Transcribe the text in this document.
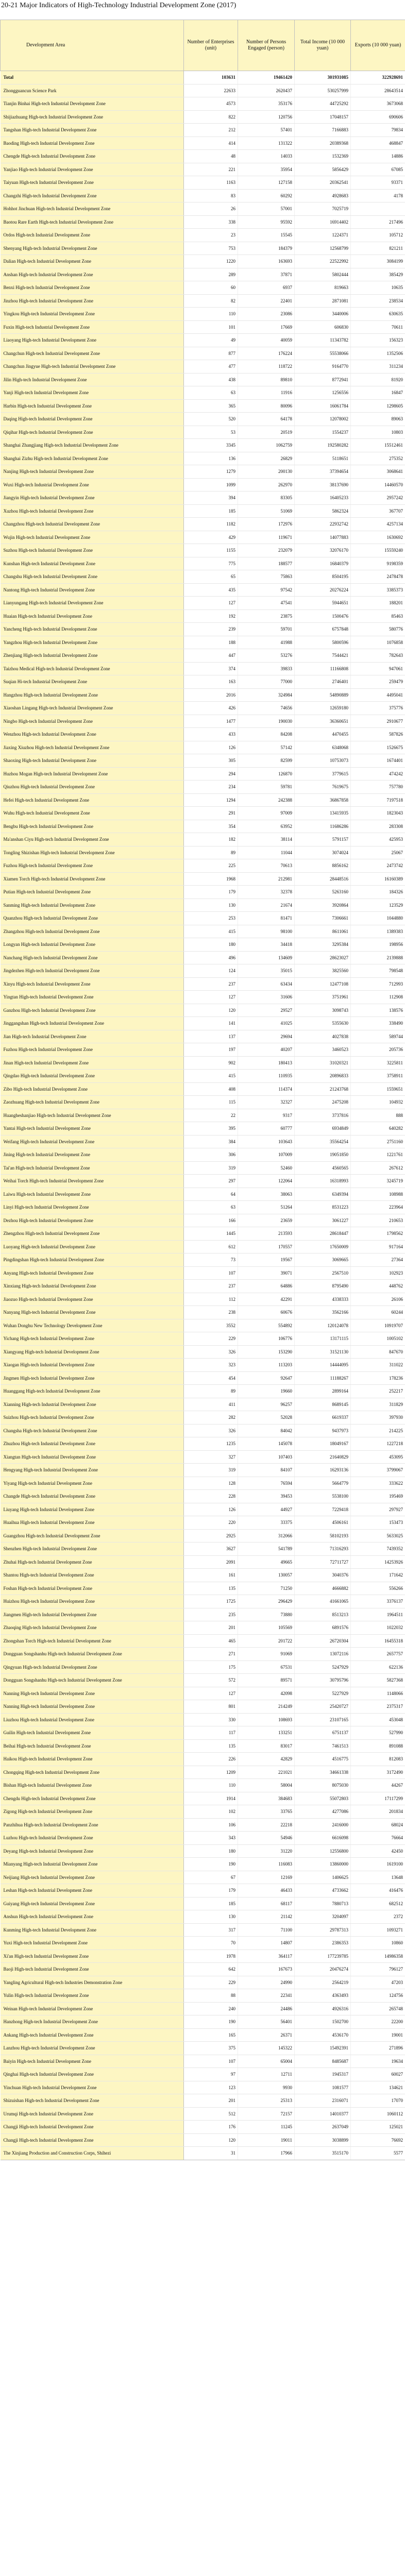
20-21 Major Indicators of High-Technology Industrial Development Zone (2017)
Development Area	Number of Enterprises (unit)	Number of Persons Engaged (person)	Total Income (10 000 yuan)	Exports (10 000 yuan)
Total	103631	19461420	301931085	322928691
Zhongguancun Science Park	22633	2620437	530257999	28643514
Tianjin Binhai High-tech Industrial Development Zone	4573	353176	44725292	3673068
Shijiazhuang High-tech Industrial Development Zone	822	120756	17048157	690606
Tangshan High-tech Industrial Development Zone	212	57401	7166883	79834
Baoding High-tech Industrial Development Zone	414	131322	20389368	468847
Chengde High-tech Industrial Development Zone	48	14033	1532369	14886
Yanjiao High-tech Industrial Development Zone	221	35954	5856429	67085
Taiyuan High-tech Industrial Development Zone	1163	127158	20362541	93371
Changzhi High-tech Industrial Development Zone	83	60292	4928683	4178
Hohhot Jinchuan High-tech Industrial Development Zone	26	57001	7025719	
Baotou Rare Earth High-tech Industrial Development Zone	338	95592	16914402	217496
Ordos High-tech Industrial Development Zone	23	15545	1224371	105712
Shenyang High-tech Industrial Development Zone	753	184379	12568799	821211
Dalian High-tech Industrial Development Zone	1220	163693	22522992	3084199
Anshan High-tech Industrial Development Zone	289	37871	5802444	385429
Benxi High-tech Industrial Development Zone	60	6937	819663	10635
Jinzhou High-tech Industrial Development Zone	82	22401	2871081	238534
Yingkou High-tech Industrial Development Zone	110	23086	3440006	630635
Fuxin High-tech Industrial Development Zone	101	17669	606830	70611
Liaoyang High-tech Industrial Development Zone	49	40059	11343782	156323
Changchun High-tech Industrial Development Zone	877	176224	55538066	1352506
Changchun Jingyue High-tech Industrial Development Zone	477	118722	9164770	311234
Jilin High-tech Industrial Development Zone	438	89810	8772941	81920
Yanji High-tech Industrial Development Zone	63	11916	1256556	16847
Harbin High-tech Industrial Development Zone	365	80096	16061784	1298605
Daqing High-tech Industrial Development Zone	520	64178	12078002	89063
Qiqihar High-tech Industrial Development Zone	53	20519	1554237	10803
Shanghai Zhangjiang High-tech Industrial Development Zone	3345	1062759	192580282	15512461
Shanghai Zizhu High-tech Industrial Development Zone	136	26829	5118651	275352
Nanjing High-tech Industrial Development Zone	1279	200130	37394654	3068641
Wuxi High-tech Industrial Development Zone	1099	262970	38137690	14460570
Jiangyin High-tech Industrial Development Zone	394	83305	16405233	2957242
Xuzhou High-tech Industrial Development Zone	185	51069	5862324	367707
Changzhou High-tech Industrial Development Zone	1182	172976	22932742	4257134
Wujin High-tech Industrial Development Zone	429	119671	14077883	1630692
Suzhou High-tech Industrial Development Zone	1155	232079	32076170	15559240
Kunshan High-tech Industrial Development Zone	775	188577	16840379	9198359
Changshu High-tech Industrial Development Zone	65	75863	8504195	2478478
Nantong High-tech Industrial Development Zone	435	97542	20276224	3385373
Lianyungang High-tech Industrial Development Zone	127	47541	5944651	188201
Huaian High-tech Industrial Development Zone	192	23875	1500476	85463
Yancheng High-tech Industrial Development Zone	239	59701	6757848	580776
Yangzhou High-tech Industrial Development Zone	188	41988	5800596	1076858
Zhenjiang High-tech Industrial Development Zone	447	53276	7544421	782643
Taizhou Medical High-tech Industrial Development Zone	374	39833	11166808	947061
Suqian Hi-tech Industrial Development Zone	163	77000	2746401	259479
Hangzhou High-tech Industrial Development Zone	2016	324984	54890889	4495041
Xiaoshan Lingang High-tech Industrial Development Zone	426	74656	12659180	375776
Ningbo High-tech Industrial Development Zone	1477	190030	36360651	2910677
Wenzhou High-tech Industrial Development Zone	433	84208	4470455	587826
Jiaxing Xiuzhou High-tech Industrial Development Zone	126	57142	6348068	1526675
Shaoxing High-tech Industrial Development Zone	305	82599	10753073	1674401
Huzhou Mogan High-tech Industrial Development Zone	294	126870	3779615	474242
Qiuzhou High-tech Industrial Development Zone	234	59781	7619675	757780
Hefei High-tech Industrial Development Zone	1294	242388	36867858	7197518
Wuhu High-tech Industrial Development Zone	291	97009	13415935	1823043
Bengbu High-tech Industrial Development Zone	354	63952	11686286	283308
Ma'anshan Ciyu High-tech Industrial Development Zone	182	38114	5791157	425953
Tongling Shizishan High-tech Industrial Development Zone	89	11044	3074024	25067
Fuzhou High-tech Industrial Development Zone	225	70613	8856162	2473742
Xiamen Torch High-tech Industrial Development Zone	1968	212981	28448516	16160389
Putian High-tech Industrial Development Zone	179	32378	5263160	184326
Sanming High-tech Industrial Development Zone	130	21674	3920864	123529
Quanzhou High-tech Industrial Development Zone	253	81471	7306661	1044880
Zhangzhou High-tech Industrial Development Zone	415	98100	8611061	1389383
Longyan High-tech Industrial Development Zone	180	34418	3295384	198956
Nanchang High-tech Industrial Development Zone	496	134609	28623027	2139888
Jingdezhen High-tech Industrial Development Zone	124	35015	3825560	798548
Xinyu High-tech Industrial Development Zone	237	63434	12477108	712993
Yingtan High-tech Industrial Development Zone	127	31606	3751961	112908
Ganzhou High-tech Industrial Development Zone	120	29527	3098743	138576
Jinggangshan High-tech Industrial Development Zone	141	41025	5355630	338490
Jian High-tech Industrial Development Zone	137	29694	4027838	589744
Fuzhou High-tech Industrial Development Zone	197	40207	3460523	205736
Jinan High-tech Industrial Development Zone	902	180413	31020321	3225811
Qingdao High-tech Industrial Development Zone	415	110935	20896833	3758911
Zibo High-tech Industrial Development Zone	408	114374	21243768	1559651
Zaozhuang High-tech Industrial Development Zone	115	32327	2475208	104932
Huangheshanjiao High-tech Industrial Development Zone	22	9317	3737816	888
Yantai High-tech Industrial Development Zone	395	60777	6934849	640282
Weifang High-tech Industrial Development Zone	384	103643	35564254	2751160
Jining High-tech Industrial Development Zone	306	107009	19051850	1221761
Tai'an High-tech Industrial Development Zone	319	52460	4560565	267612
Weihai Torch High-tech Industrial Development Zone	297	122064	16318993	3245719
Laiwu High-tech Industrial Development Zone	64	38063	6349394	108988
Linyi High-tech Industrial Development Zone	63	51264	8531223	223964
Dezhou High-tech Industrial Development Zone	166	23659	3061227	210653
Zhengzhou High-tech Industrial Development Zone	1445	213593	28618447	1798562
Luoyang High-tech Industrial Development Zone	612	170557	17650009	917164
Pingdingshan High-tech Industrial Development Zone	73	19567	3069665	27364
Anyang High-tech Industrial Development Zone	107	39071	2567510	102923
Xinxiang High-tech Industrial Development Zone	237	64886	8795490	448762
Jiaozuo High-tech Industrial Development Zone	112	42291	4338333	26106
Nanyang High-tech Industrial Development Zone	238	60676	3562166	60244
Wuhan Donghu New Technology Development Zone	3552	554892	120124078	10919707
Yichang High-tech Industrial Development Zone	229	106776	13171115	1005102
Xiangyang High-tech Industrial Development Zone	326	153290	31521130	847670
Xiaogan High-tech Industrial Development Zone	323	113203	14444095	311022
Jingmen High-tech Industrial Development Zone	454	92647	11188267	178236
Huanggang High-tech Industrial Development Zone	89	19660	2899164	252217
Xianning High-tech Industrial Development Zone	411	96257	8689145	311829
Suizhou High-tech Industrial Development Zone	282	52028	6619337	397930
Changsha High-tech Industrial Development Zone	326	84042	9437973	214225
Zhuzhou High-tech Industrial Development Zone	1235	145078	18049167	1227218
Xiangtan High-tech Industrial Development Zone	327	107403	21640829	453095
Hengyang High-tech Industrial Development Zone	319	84107	16293136	3799067
Yiyang High-tech Industrial Development Zone	128	76594	5664779	333622
Changde High-tech Industrial Development Zone	228	39453	5538100	195469
Liuyang High-tech Industrial Development Zone	126	44927	7229418	297927
Huaihua High-tech Industrial Development Zone	220	33375	4506161	153473
Guangzhou High-tech Industrial Development Zone	2925	312066	58102193	5633025
Shenzhen High-tech Industrial Development Zone	3627	541789	71316293	7439352
Zhuhai High-tech Industrial Development Zone	2091	49665	72711727	14253926
Shantou High-tech Industrial Development Zone	161	130057	3040376	171642
Foshan High-tech Industrial Development Zone	135	71250	4666882	556266
Huizhou High-tech Industrial Development Zone	1725	296429	41661065	3376137
Jiangmen High-tech Industrial Development Zone	235	73880	8513213	1964511
Zhaoqing High-tech Industrial Development Zone	201	105569	6891576	1022032
Zhongshan Torch High-tech Industrial Development Zone	465	201722	26720304	16455318
Dongguan Songshanhu High-tech Industrial Development Zone	271	91069	13072116	2657757
Qingyuan High-tech Industrial Development Zone	175	67531	5247929	622136
Dongguan Songshanhu High-tech Industrial Development Zone	572	89571	30795796	5827368
Nanning High-tech Industrial Development Zone	127	42098	5227929	1148066
Nanning High-tech Industrial Development Zone	801	214249	25420727	2375317
Liuzhou High-tech Industrial Development Zone	330	108693	23107165	453048
Guilin High-tech Industrial Development Zone	117	133251	6751137	527990
Beihai High-tech Industrial Development Zone	135	83017	7461513	891088
Haikou High-tech Industrial Development Zone	226	42829	4516775	812083
Chongqing High-tech Industrial Development Zone	1209	221021	34661338	3172490
Bishan High-tech Industrial Development Zone	110	58004	8075030	44267
Chengdu High-tech Industrial Development Zone	1914	384683	55072803	17117299
Zigong High-tech Industrial Development Zone	102	33765	4277086	201834
Panzhihua High-tech Industrial Development Zone	106	22218	2416000	68024
Luzhou High-tech Industrial Development Zone	343	54946	6616098	76664
Deyang High-tech Industrial Development Zone	180	31220	12556800	42450
Mianyang High-tech Industrial Development Zone	190	116083	13860000	1619100
Neijiang High-tech Industrial Development Zone	67	12169	1406625	13648
Leshan High-tech Industrial Development Zone	179	46433	4733662	416476
Guiyang High-tech Industrial Development Zone	185	68117	7880713	682512
Anshun High-tech Industrial Development Zone	130	21142	3204097	2372
Kunming High-tech Industrial Development Zone	317	71100	29787313	1093271
Yuxi High-tech Industrial Development Zone	70	14807	2386353	10860
Xi'an High-tech Industrial Development Zone	1978	364117	177239785	14986358
Baoji High-tech Industrial Development Zone	642	167673	20476274	796127
Yangling Agricultural High-tech Industries Demonstration Zone	229	24990	2564219	47203
Yulin High-tech Industrial Development Zone	88	22341	4363493	124756
Weinan High-tech Industrial Development Zone	240	24486	4926316	265748
Hanzhong High-tech Industrial Development Zone	190	56401	1502700	22200
Ankang High-tech Industrial Development Zone	165	26371	4536170	19001
Lanzhou High-tech Industrial Development Zone	375	145322	15492391	271896
Baiyin High-tech Industrial Development Zone	107	65004	8485687	19634
Qinghai High-tech Industrial Development Zone	97	12711	1945317	60027
Yinchuan High-tech Industrial Development Zone	123	9930	1081577	134621
Shizuishan High-tech Industrial Development Zone	201	25313	2316071	17070
Urumqi High-tech Industrial Development Zone	512	72157	14010377	1060112
Changji High-tech Industrial Development Zone	176	11245	2637049	125021
Changji High-tech Industrial Development Zone	120	19011	3038899	76692
The Xinjiang Production and Construction Corps, Shihezi	31	17966	3515170	5577
